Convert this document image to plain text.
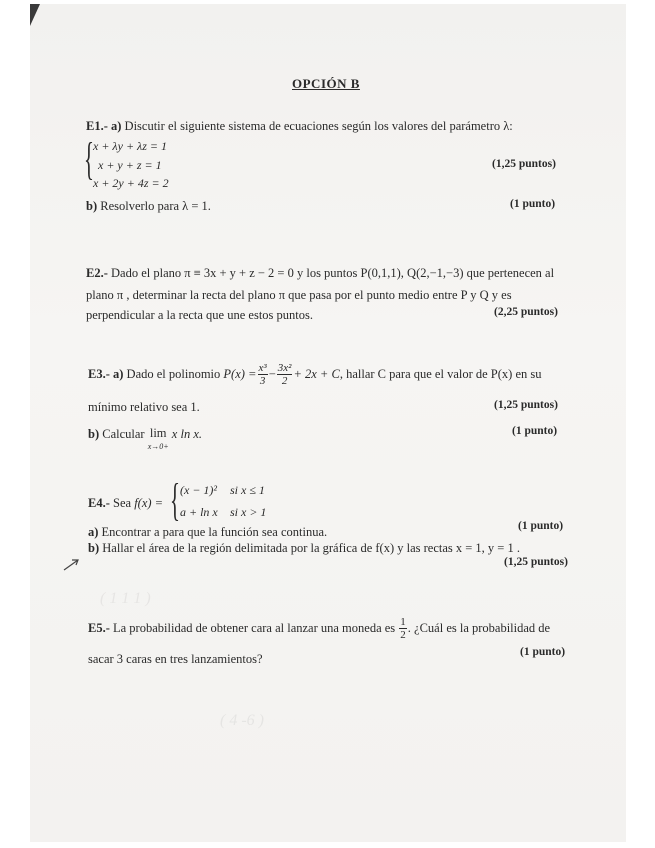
( 1 1 1 )
( 4 -6 )
OPCIÓN B
E1.- a) Discutir el siguiente sistema de ecuaciones según los valores del parámetro λ:
{ x + λy + λz = 1
x + y + z = 1
x + 2y + 4z = 2
(1,25 puntos)
b) Resolverlo para λ = 1.	(1 punto)
E2.- Dado el plano π ≡ 3x + y + z − 2 = 0 y los puntos P(0,1,1), Q(2,−1,−3) que pertenecen al
plano π , determinar la recta del plano π que pasa por el punto medio entre P y Q y es
perpendicular a la recta que une estos puntos.	(2,25 puntos)
E3.-
a)
Dado el polinomio
$P(x) = \frac{\text{x³}}{3} - \frac{\text{3x²}}{2} + 2x + C$ , hallar C para que el valor de P(x) en su
mínimo relativo sea 1.	(1,25 puntos)
b) Calcular lim
x→0+
x ln x.	(1 punto)
E4.-
Sea
f(x) = { (x − 1)² si x ≤ 1
a + ln x si x > 1
a) Encontrar a para que la función sea continua.	(1 punto)
b) Hallar el área de la región delimitada por la gráfica de f(x) y las rectas x = 1, y = 1 .
(1,25 puntos)
E5.-
La probabilidad de obtener cara al lanzar una moneda es
$\frac{1}{2}$ . ¿Cuál es la probabilidad de
sacar 3 caras en tres lanzamientos?	(1 punto)
